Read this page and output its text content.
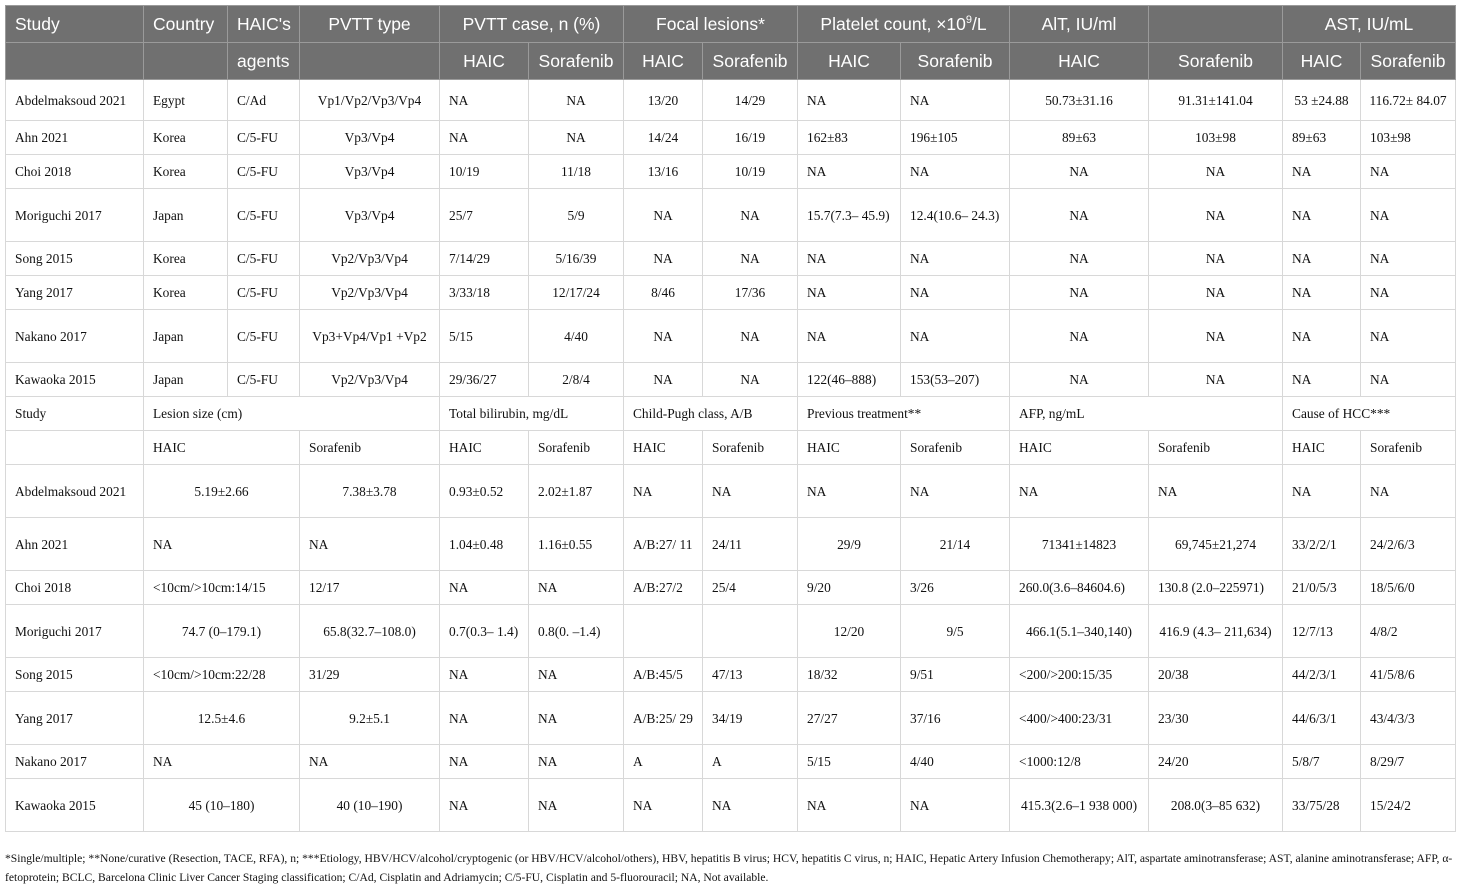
Study	Country	HAIC's	PVTT type	PVTT case, n (%)		Focal lesions*		Platelet count, $\times 10^9/L$		AlT, IU/ml		AST, IU/mL	
		agents		HAIC	Sorafenib	HAIC	Sorafenib	HAIC	Sorafenib	HAIC	Sorafenib	HAIC	Sorafenib
Abdelmaksoud 2021	Egypt	C/Ad	Vp1/Vp2/Vp3/Vp4	NA	NA	13/20	14/29	NA	NA	50.73±31.16	91.31±141.04	53 ±24.88	116.72± 84.07
Ahn 2021	Korea	C/5-FU	Vp3/Vp4	NA	NA	14/24	16/19	162±83	196±105	89±63	103±98	89±63	103±98
Choi 2018	Korea	C/5-FU	Vp3/Vp4	10/19	11/18	13/16	10/19	NA	NA	NA	NA	NA	NA
Moriguchi 2017	Japan	C/5-FU	Vp3/Vp4	25/7	5/9	NA	NA	15.7(7.3– 45.9)	12.4(10.6– 24.3)	NA	NA	NA	NA
Song 2015	Korea	C/5-FU	Vp2/Vp3/Vp4	7/14/29	5/16/39	NA	NA	NA	NA	NA	NA	NA	NA
Yang 2017	Korea	C/5-FU	Vp2/Vp3/Vp4	3/33/18	12/17/24	8/46	17/36	NA	NA	NA	NA	NA	NA
Nakano 2017	Japan	C/5-FU	Vp3+Vp4/Vp1 +Vp2	5/15	4/40	NA	NA	NA	NA	NA	NA	NA	NA
Kawaoka 2015	Japan	C/5-FU	Vp2/Vp3/Vp4	29/36/27	2/8/4	NA	NA	122(46–888)	153(53–207)	NA	NA	NA	NA
Study	Lesion size (cm)			Total bilirubin, mg/dL		Child-Pugh class, A/B		Previous treatment**		AFP, ng/mL		Cause of HCC***	
	HAIC		Sorafenib	HAIC	Sorafenib	HAIC	Sorafenib	HAIC	Sorafenib	HAIC	Sorafenib	HAIC	Sorafenib
Abdelmaksoud 2021	5.19±2.66		7.38±3.78	0.93±0.52	2.02±1.87	NA	NA	NA	NA	NA	NA	NA	NA
Ahn 2021	NA		NA	1.04±0.48	1.16±0.55	A/B:27/ 11	24/11	29/9	21/14	71341±14823	69,745±21,274	33/2/2/1	24/2/6/3
Choi 2018	<10cm/>10cm:14/15		12/17	NA	NA	A/B:27/2	25/4	9/20	3/26	260.0(3.6–84604.6)	130.8 (2.0–225971)	21/0/5/3	18/5/6/0
Moriguchi 2017	74.7 (0–179.1)		65.8(32.7–108.0)	0.7(0.3– 1.4)	0.8(0. –1.4)			12/20	9/5	466.1(5.1–340,140)	416.9 (4.3– 211,634)	12/7/13	4/8/2
Song 2015	<10cm/>10cm:22/28		31/29	NA	NA	A/B:45/5	47/13	18/32	9/51	<200/>200:15/35	20/38	44/2/3/1	41/5/8/6
Yang 2017	12.5±4.6		9.2±5.1	NA	NA	A/B:25/ 29	34/19	27/27	37/16	<400/>400:23/31	23/30	44/6/3/1	43/4/3/3
Nakano 2017	NA		NA	NA	NA	A	A	5/15	4/40	<1000:12/8	24/20	5/8/7	8/29/7
Kawaoka 2015	45 (10–180)		40 (10–190)	NA	NA	NA	NA	NA	NA	415.3(2.6–1 938 000)	208.0(3–85 632)	33/75/28	15/24/2
*Single/multiple; **None/curative (Resection, TACE, RFA), n; ***Etiology, HBV/HCV/alcohol/cryptogenic (or HBV/HCV/alcohol/others), HBV, hepatitis B virus; HCV, hepatitis C virus, n; HAIC, Hepatic Artery Infusion Chemotherapy; AlT, aspartate aminotransferase; AST, alanine aminotransferase; AFP, α-fetoprotein; BCLC, Barcelona Clinic Liver Cancer Staging classification; C/Ad, Cisplatin and Adriamycin; C/5-FU, Cisplatin and 5-fluorouracil; NA, Not available.
